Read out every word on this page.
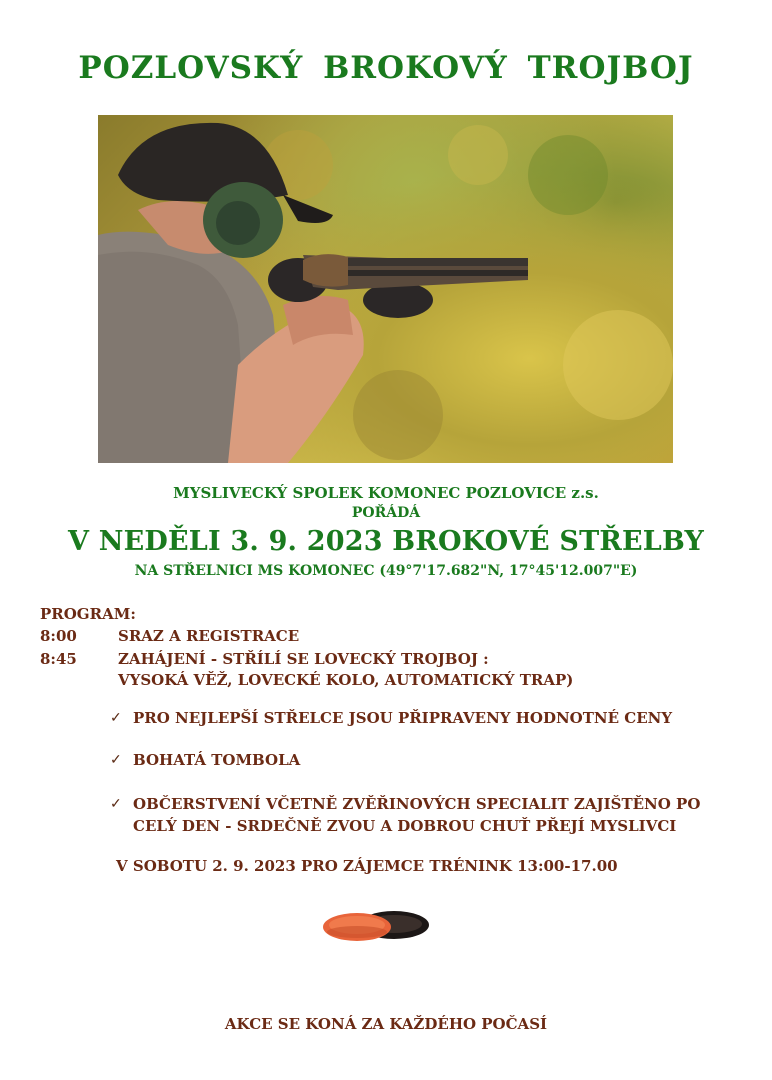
POZLOVSKÝ BROKOVÝ TROJBOJ
MYSLIVECKÝ SPOLEK KOMONEC POZLOVICE z.s.
POŘÁDÁ
V NEDĚLI 3. 9. 2023 BROKOVÉ STŘELBY
NA STŘELNICI MS KOMONEC (49°7'17.682"N, 17°45'12.007"E)
PROGRAM:
8:00	SRAZ A REGISTRACE
8:45	ZAHÁJENÍ - STŘÍLÍ SE LOVECKÝ TROJBOJ :
VYSOKÁ VĚŽ, LOVECKÉ KOLO, AUTOMATICKÝ TRAP)
✓ PRO NEJLEPŠÍ STŘELCE JSOU PŘIPRAVENY HODNOTNÉ CENY
✓ BOHATÁ TOMBOLA
✓ OBČERSTVENÍ VČETNĚ ZVĚŘINOVÝCH SPECIALIT ZAJIŠTĚNO PO
CELÝ DEN - SRDEČNĚ ZVOU A DOBROU CHUŤ PŘEJÍ MYSLIVCI
V SOBOTU 2. 9. 2023 PRO ZÁJEMCE TRÉNINK 13:00-17.00
AKCE SE KONÁ ZA KAŽDÉHO POČASÍ
